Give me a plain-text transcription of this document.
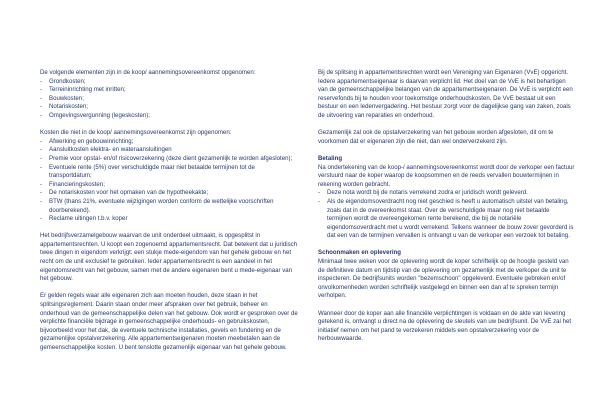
De volgende elementen zijn in de koop/ aannemingsovereenkomst opgenomen:

-	Grondkosten;
-	Terreininrichting met inritten;
-	Bouwkosten;
-	Notariskosten;
-	Omgevingsvergunning (legeskosten);

Kosten die niet in de koop/ aannemingsovereenkomst zijn opgenomen:

-	Afwerking en gebouwinrichting;
-	Aansluitkosten elektra- en wateraansluitingen
-	Premie voor opstal- en/of risicoverzekering (deze dient gezamenlijk te worden afgesloten);
-	Eventuele rente (5%) over verschuldigde maar niet betaalde termijnen tot de transportdatum;
-	Financieringskosten;
-	De notariskosten voor het opmaken van de hypotheekakte;
-	BTW (thans 21%, eventuele wijzigingen worden conform de wettelijke voorschriften doorberekend).
-	Reclame uitingen t.b.v. koper

Het bedrijfsverzamelgebouw waarvan de unit onderdeel uitmaakt, is opgesplitst in appartementsrechten. U koopt een zogenoemd appartementsrecht. Dat betekent dat u juridisch twee dingen in eigendom verkrijgt: een stukje mede-eigendom van het gehele gebouw en het recht om de unit exclusief te gebruiken. Ieder appartementsrecht is een aandeel in het eigendomsrecht van het gebouw, samen met de andere eigenaren bent u mede-eigenaar van het gebouw.

Er gelden regels waar alle eigenaren zich aan moeten houden, deze staan in het splitsingsreglement. Daarin staan onder meer afspraken over het gebruik, beheer en onderhoud van de gemeenschappelijke delen van het gebouw. Ook wordt er gesproken over de verplichte financiële bijdrage in gemeenschappelijke onderhouds- en gebruikskosten, bijvoorbeeld voor het dak, de eventuele technische installaties, gevels en fundering en de gezamenlijke opstalverzekering. Alle appartementseigenaren moeten meebetalen aan de gemeenschappelijke kosten. U bent tenslotte gezamenlijk eigenaar van het gehele gebouw.

Bij de splitsing in appartementsrechten wordt een Vereniging van Eigenaren (VvE) opgericht. Iedere appartementseigenaar is daarvan verplicht lid. Het doel van de VvE is het behartigen van de gemeenschappelijke belangen van de appartementseigenaren. De VvE is verplicht een reservefonds bij te houden voor toekomstige onderhoudskosten. De VvE bestaat uit een bestuur en een ledenvergadering. Het bestuur zorgt voor de dagelijkse gang van zaken, zoals de uitvoering van reparaties en onderhoud.

Gezamenlijk zal ook de opstalverzekering van het gebouw worden afgesloten, dit om te voorkomen dat er eigenaren zijn die niet, dan wel onderverzekerd zijn.

Betaling

Na ondertekening van de koop-/ aannemingsovereenkomst wordt door de verkoper een factuur verstuurd naar de koper waarop de koopsommen en de reeds vervallen bouwtermijnen in rekening worden gebracht.

-	Deze nota wordt bij de notaris verrekend zodra er juridisch wordt geleverd.
-	Als de eigendomsoverdracht nog niet geschied is heeft u automatisch uitstel van betaling, zoals dat in de overeenkomst staat. Over de verschuldigde maar nog niet betaalde termijnen wordt de overeengekomen rente berekend, die bij de notariële eigendomsoverdracht met u wordt verrekend. Telkens wanneer de bouw zover gevorderd is dat een van de termijnen vervallen is ontvangt u van de verkoper een verzoek tot betaling.
Schoonmaken en oplevering

Minimaal twee weken voor de oplevering wordt de koper schriftelijk op de hoogte gesteld van de definitieve datum en tijdstip van de oplevering om gezamenlijk met de verkoper de unit te inspecteren. De bedrijfsunits worden "bezemschoon" opgeleverd. Eventuele gebreken en/of onvolkomenheden worden schriftelijk vastgelegd en binnen een dan af te spreken termijn verholpen.

Wanneer door de koper aan alle financiële verplichtingen is voldaan en de akte van levering getekend is, ontvangt u direct na de oplevering de sleutels van uw bedrijfsunit. De VvE zal het initiatief nemen om het pand te verzekeren middels een opstalverzekering voor de herbouwwaarde.
